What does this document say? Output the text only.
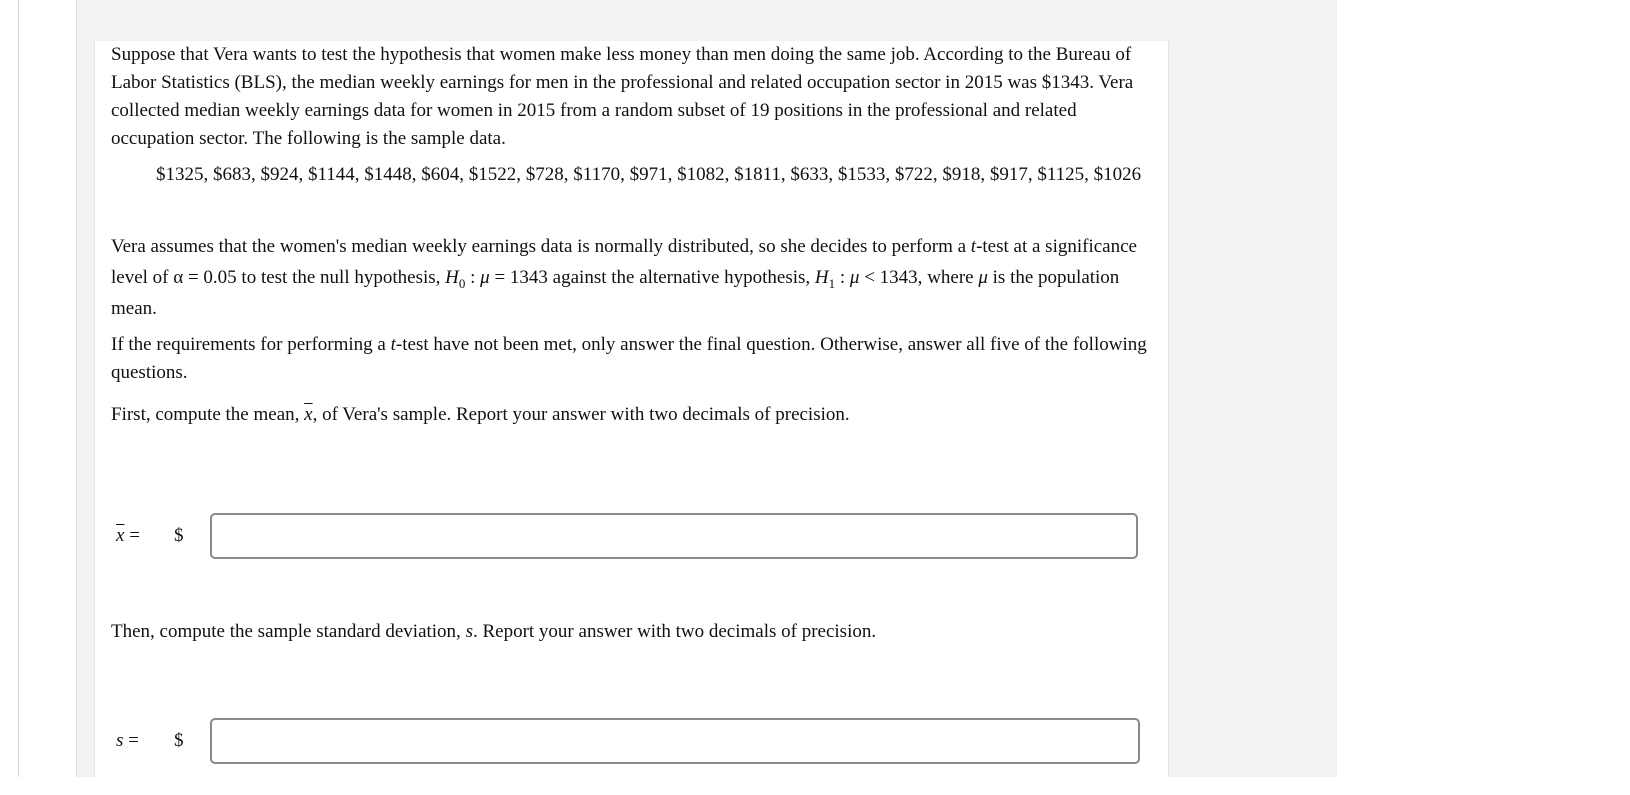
Suppose that Vera wants to test the hypothesis that women make less money than men doing the same job. According to the Bureau of Labor Statistics (BLS), the median weekly earnings for men in the professional and related occupation sector in 2015 was $1343. Vera collected median weekly earnings data for women in 2015 from a random subset of 19 positions in the professional and related occupation sector. The following is the sample data.

$1325, $683, $924, $1144, $1448, $604, $1522, $728, $1170, $971, $1082, $1811, $633, $1533, $722, $918, $917, $1125, $1026

Vera assumes that the women's median weekly earnings data is normally distributed, so she decides to perform a t-test at a significance level of α = 0.05 to test the null hypothesis, $H_0$ : μ = 1343 against the alternative hypothesis, $H_1$ : μ < 1343, where μ is the population mean.

If the requirements for performing a t-test have not been met, only answer the final question. Otherwise, answer all five of the following questions.

First, compute the mean, $\overline{x}$, of Vera's sample. Report your answer with two decimals of precision.

$\overline{x}$ =	$

Then, compute the sample standard deviation, s. Report your answer with two decimals of precision.

s =	$
